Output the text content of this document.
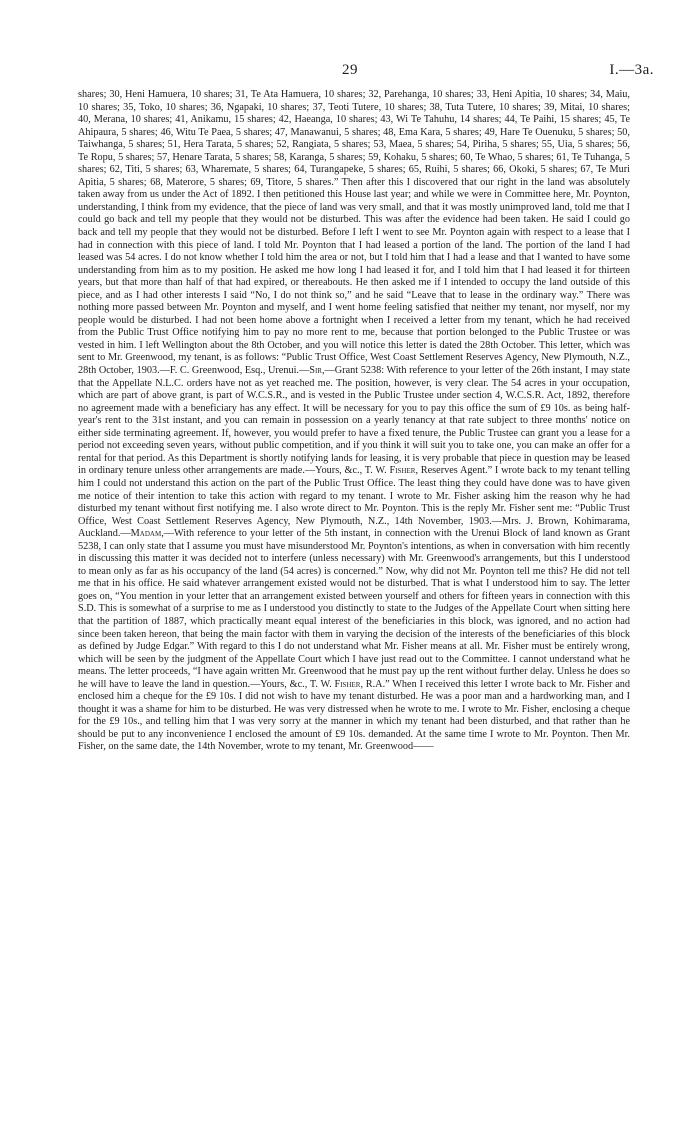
29	I.—3a.

shares; 30, Heni Hamuera, 10 shares; 31, Te Ata Hamuera, 10 shares; 32, Parehanga, 10 shares; 33, Heni Apitia, 10 shares; 34, Maiu, 10 shares; 35, Toko, 10 shares; 36, Ngapaki, 10 shares; 37, Teoti Tutere, 10 shares; 38, Tuta Tutere, 10 shares; 39, Mitai, 10 shares; 40, Merana, 10 shares; 41, Anikamu, 15 shares; 42, Haeanga, 10 shares; 43, Wi Te Tahuhu, 14 shares; 44, Te Paihi, 15 shares; 45, Te Ahipaura, 5 shares; 46, Witu Te Paea, 5 shares; 47, Manawanui, 5 shares; 48, Ema Kara, 5 shares; 49, Hare Te Ouenuku, 5 shares; 50, Taiwhanga, 5 shares; 51, Hera Tarata, 5 shares; 52, Rangiata, 5 shares; 53, Maea, 5 shares; 54, Piriha, 5 shares; 55, Uia, 5 shares; 56, Te Ropu, 5 shares; 57, Henare Tarata, 5 shares; 58, Karanga, 5 shares; 59, Kohaku, 5 shares; 60, Te Whao, 5 shares; 61, Te Tuhanga, 5 shares; 62, Titi, 5 shares; 63, Wharemate, 5 shares; 64, Turangapeke, 5 shares; 65, Ruihi, 5 shares; 66, Okoki, 5 shares; 67, Te Muri Apitia, 5 shares; 68, Materore, 5 shares; 69, Titore, 5 shares.” Then after this I discovered that our right in the land was absolutely taken away from us under the Act of 1892. I then petitioned this House last year; and while we were in Committee here, Mr. Poynton, understanding, I think from my evidence, that the piece of land was very small, and that it was mostly unimproved land, told me that I could go back and tell my people that they would not be disturbed. This was after the evidence had been taken. He said I could go back and tell my people that they would not be disturbed. Before I left I went to see Mr. Poynton again with respect to a lease that I had in connection with this piece of land. I told Mr. Poynton that I had leased a portion of the land. The portion of the land I had leased was 54 acres. I do not know whether I told him the area or not, but I told him that I had a lease and that I wanted to have some understanding from him as to my position. He asked me how long I had leased it for, and I told him that I had leased it for thirteen years, but that more than half of that had expired, or thereabouts. He then asked me if I intended to occupy the land outside of this piece, and as I had other interests I said “No, I do not think so,” and he said “Leave that to lease in the ordinary way.” There was nothing more passed between Mr. Poynton and myself, and I went home feeling satisfied that neither my tenant, nor myself, nor my people would be disturbed. I had not been home above a fortnight when I received a letter from my tenant, which he had received from the Public Trust Office notifying him to pay no more rent to me, because that portion belonged to the Public Trustee or was vested in him. I left Wellington about the 8th October, and you will notice this letter is dated the 28th October. This letter, which was sent to Mr. Greenwood, my tenant, is as follows: “Public Trust Office, West Coast Settlement Reserves Agency, New Plymouth, N.Z., 28th October, 1903.—F. C. Greenwood, Esq., Urenui.—Sir,—Grant 5238: With reference to your letter of the 26th instant, I may state that the Appellate N.L.C. orders have not as yet reached me. The position, however, is very clear. The 54 acres in your occupation, which are part of above grant, is part of W.C.S.R., and is vested in the Public Trustee under section 4, W.C.S.R. Act, 1892, therefore no agreement made with a beneficiary has any effect. It will be necessary for you to pay this office the sum of £9 10s. as being half-year's rent to the 31st instant, and you can remain in possession on a yearly tenancy at that rate subject to three months' notice on either side terminating agreement. If, however, you would prefer to have a fixed tenure, the Public Trustee can grant you a lease for a period not exceeding seven years, without public competition, and if you think it will suit you to take one, you can make an offer for a rental for that period. As this Department is shortly notifying lands for leasing, it is very probable that piece in question may be leased in ordinary tenure unless other arrangements are made.—Yours, &c., T. W. Fisher, Reserves Agent.” I wrote back to my tenant telling him I could not understand this action on the part of the Public Trust Office. The least thing they could have done was to have given me notice of their intention to take this action with regard to my tenant. I wrote to Mr. Fisher asking him the reason why he had disturbed my tenant without first notifying me. I also wrote direct to Mr. Poynton. This is the reply Mr. Fisher sent me: “Public Trust Office, West Coast Settlement Reserves Agency, New Plymouth, N.Z., 14th November, 1903.—Mrs. J. Brown, Kohimarama, Auckland.—Madam,—With reference to your letter of the 5th instant, in connection with the Urenui Block of land known as Grant 5238, I can only state that I assume you must have misunderstood Mr. Poynton's intentions, as when in conversation with him recently in discussing this matter it was decided not to interfere (unless necessary) with Mr. Greenwood's arrangements, but this I understood to mean only as far as his occupancy of the land (54 acres) is concerned.” Now, why did not Mr. Poynton tell me this? He did not tell me that in his office. He said whatever arrangement existed would not be disturbed. That is what I understood him to say. The letter goes on, “You mention in your letter that an arrangement existed between yourself and others for fifteen years in connection with this S.D. This is somewhat of a surprise to me as I understood you distinctly to state to the Judges of the Appellate Court when sitting here that the partition of 1887, which practically meant equal interest of the beneficiaries in this block, was ignored, and no action had since been taken hereon, that being the main factor with them in varying the decision of the interests of the beneficiaries of this block as defined by Judge Edgar.” With regard to this I do not understand what Mr. Fisher means at all. Mr. Fisher must be entirely wrong, which will be seen by the judgment of the Appellate Court which I have just read out to the Committee. I cannot understand what he means. The letter proceeds, “I have again written Mr. Greenwood that he must pay up the rent without further delay. Unless he does so he will have to leave the land in question.—Yours, &c., T. W. Fisher, R.A.” When I received this letter I wrote back to Mr. Fisher and enclosed him a cheque for the £9 10s. I did not wish to have my tenant disturbed. He was a poor man and a hardworking man, and I thought it was a shame for him to be disturbed. He was very distressed when he wrote to me. I wrote to Mr. Fisher, enclosing a cheque for the £9 10s., and telling him that I was very sorry at the manner in which my tenant had been disturbed, and that rather than he should be put to any inconvenience I enclosed the amount of £9 10s. demanded. At the same time I wrote to Mr. Poynton. Then Mr. Fisher, on the same date, the 14th November, wrote to my tenant, Mr. Greenwood——
